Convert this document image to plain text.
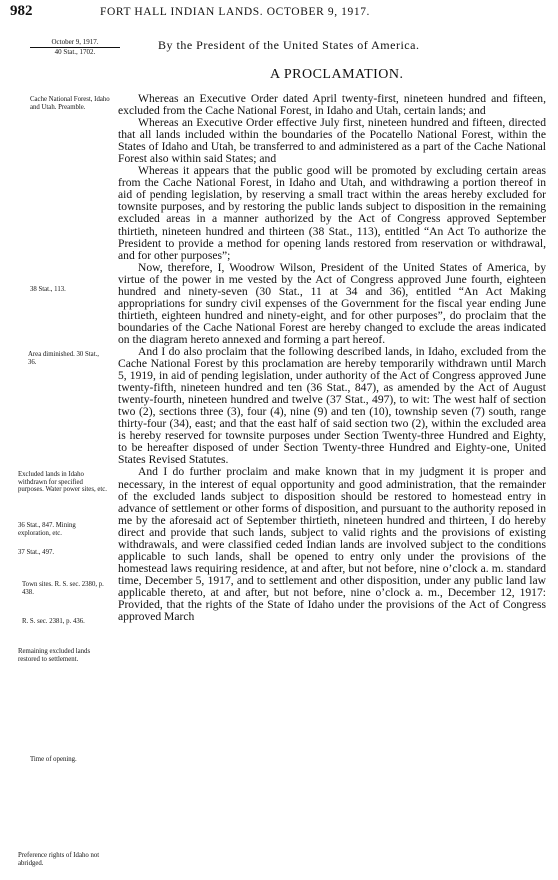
982	FORT HALL INDIAN LANDS. OCTOBER 9, 1917.
October 9, 1917.
40 Stat., 1702.	By the President of the United States of America.
A PROCLAMATION.
Cache National Forest, Idaho and Utah. Preamble.
38 Stat., 113.
Area diminished. 30 Stat., 36.
Excluded lands in Idaho withdrawn for specified purposes. Water power sites, etc.
36 Stat., 847. Mining exploration, etc.
37 Stat., 497.
Town sites. R. S. sec. 2380, p. 438.
R. S. sec. 2381, p. 436.
Remaining excluded lands restored to settlement.
Time of opening.
Preference rights of Idaho not abridged.

Whereas an Executive Order dated April twenty-first, nineteen hundred and fifteen, excluded from the Cache National Forest, in Idaho and Utah, certain lands; and

Whereas an Executive Order effective July first, nineteen hundred and fifteen, directed that all lands included within the boundaries of the Pocatello National Forest, within the States of Idaho and Utah, be transferred to and administered as a part of the Cache National Forest also within said States; and

Whereas it appears that the public good will be promoted by excluding certain areas from the Cache National Forest, in Idaho and Utah, and withdrawing a portion thereof in aid of pending legislation, by reserving a small tract within the areas hereby excluded for townsite purposes, and by restoring the public lands subject to disposition in the remaining excluded areas in a manner authorized by the Act of Congress approved September thirtieth, nineteen hundred and thirteen (38 Stat., 113), entitled “An Act To authorize the President to provide a method for opening lands restored from reservation or withdrawal, and for other purposes”;

Now, therefore, I, Woodrow Wilson, President of the United States of America, by virtue of the power in me vested by the Act of Congress approved June fourth, eighteen hundred and ninety-seven (30 Stat., 11 at 34 and 36), entitled “An Act Making appropriations for sundry civil expenses of the Government for the fiscal year ending June thirtieth, eighteen hundred and ninety-eight, and for other purposes”, do proclaim that the boundaries of the Cache National Forest are hereby changed to exclude the areas indicated on the diagram hereto annexed and forming a part hereof.

And I do also proclaim that the following described lands, in Idaho, excluded from the Cache National Forest by this proclamation are hereby temporarily withdrawn until March 5, 1919, in aid of pending legislation, under authority of the Act of Congress approved June twenty-fifth, nineteen hundred and ten (36 Stat., 847), as amended by the Act of August twenty-fourth, nineteen hundred and twelve (37 Stat., 497), to wit: The west half of section two (2), sections three (3), four (4), nine (9) and ten (10), township seven (7) south, range thirty-four (34), east; and that the east half of said section two (2), within the excluded area is hereby reserved for townsite purposes under Section Twenty-three Hundred and Eighty, to be hereafter disposed of under Section Twenty-three Hundred and Eighty-one, United States Revised Statutes.

And I do further proclaim and make known that in my judgment it is proper and necessary, in the interest of equal opportunity and good administration, that the remainder of the excluded lands subject to disposition should be restored to homestead entry in advance of settlement or other forms of disposition, and pursuant to the authority reposed in me by the aforesaid act of September thirtieth, nineteen hundred and thirteen, I do hereby direct and provide that such lands, subject to valid rights and the provisions of existing withdrawals, and were classified ceded Indian lands are involved subject to the conditions applicable to such lands, shall be opened to entry only under the provisions of the homestead laws requiring residence, at and after, but not before, nine o’clock a. m. standard time, December 5, 1917, and to settlement and other disposition, under any public land law applicable thereto, at and after, but not before, nine o’clock a. m., December 12, 1917: Provided, that the rights of the State of Idaho under the provisions of the Act of Congress approved March
